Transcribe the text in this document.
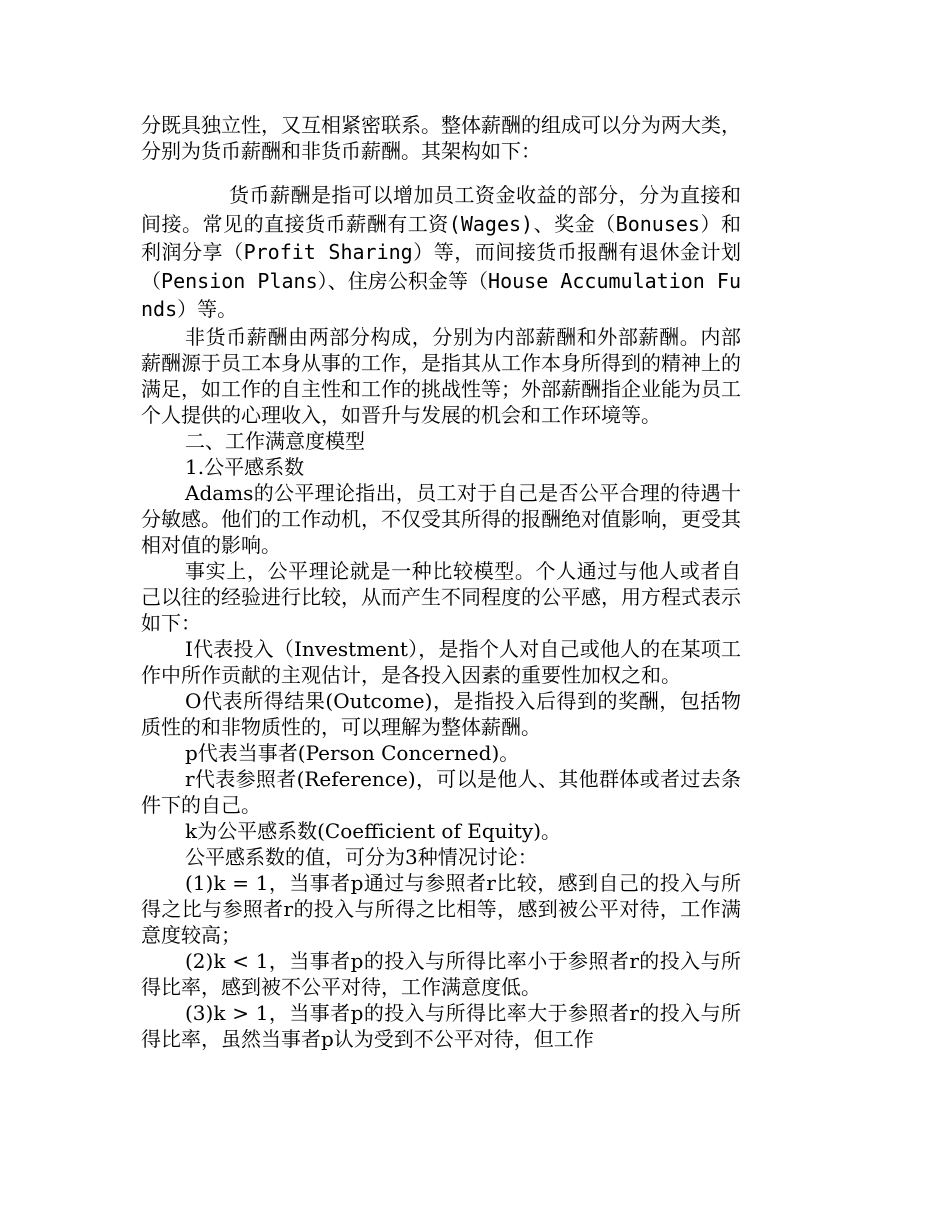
分既具独立性，又互相紧密联系。整体薪酬的组成可以分为两大类，分别为货币薪酬和非货币薪酬。其架构如下：

货币薪酬是指可以增加员工资金收益的部分，分为直接和间接。常见的直接货币薪酬有工资(Wages)、奖金（Bonuses）和利润分享（Profit Sharing）等，而间接货币报酬有退休金计划（Pension Plans）、住房公积金等（House Accumulation Funds）等。

非货币薪酬由两部分构成，分别为内部薪酬和外部薪酬。内部薪酬源于员工本身从事的工作，是指其从工作本身所得到的精神上的满足，如工作的自主性和工作的挑战性等；外部薪酬指企业能为员工个人提供的心理收入，如晋升与发展的机会和工作环境等。

二、工作满意度模型

1.公平感系数

Adams的公平理论指出，员工对于自己是否公平合理的待遇十分敏感。他们的工作动机，不仅受其所得的报酬绝对值影响，更受其相对值的影响。

事实上，公平理论就是一种比较模型。个人通过与他人或者自己以往的经验进行比较，从而产生不同程度的公平感，用方程式表示如下：

I代表投入（Investment），是指个人对自己或他人的在某项工作中所作贡献的主观估计，是各投入因素的重要性加权之和。

O代表所得结果(Outcome)，是指投入后得到的奖酬，包括物质性的和非物质性的，可以理解为整体薪酬。

p代表当事者(Person Concerned)。

r代表参照者(Reference)，可以是他人、其他群体或者过去条件下的自己。

k为公平感系数(Coefficient of Equity)。

公平感系数的值，可分为3种情况讨论：

(1)k = 1，当事者p通过与参照者r比较，感到自己的投入与所得之比与参照者r的投入与所得之比相等，感到被公平对待，工作满意度较高；

(2)k < 1，当事者p的投入与所得比率小于参照者r的投入与所得比率，感到被不公平对待，工作满意度低。

(3)k > 1，当事者p的投入与所得比率大于参照者r的投入与所得比率，虽然当事者p认为受到不公平对待，但工作
